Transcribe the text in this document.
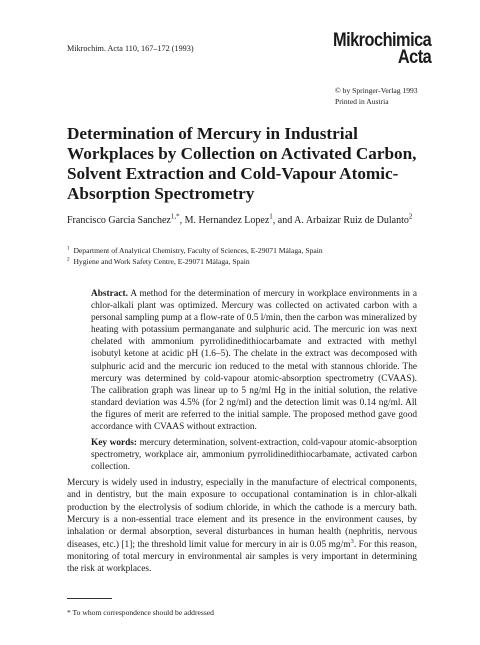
Mikrochim. Acta 110, 167–172 (1993)	Mikrochimica
Acta
© by Springer-Verlag 1993
Printed in Austria
Determination of Mercury in Industrial Workplaces by Collection on Activated Carbon, Solvent Extraction and Cold-Vapour Atomic-Absorption Spectrometry
Francisco Garcia Sanchez$^{1,*}$, M. Hernandez Lopez$^1$, and A. Arbaizar Ruiz de Dulanto$^2$
$^1$ Department of Analytical Chemistry, Faculty of Sciences, E-29071 Málaga, Spain
$^2$ Hygiene and Work Safety Centre, E-29071 Málaga, Spain
Abstract. A method for the determination of mercury in workplace environments in a chlor-alkali plant was optimized. Mercury was collected on activated carbon with a personal sampling pump at a flow-rate of 0.5 l/min, then the carbon was mineralized by heating with potassium permanganate and sulphuric acid. The mercuric ion was next chelated with ammonium pyrrolidinedithiocarbamate and extracted with methyl isobutyl ketone at acidic pH (1.6–5). The chelate in the extract was decomposed with sulphuric acid and the mercuric ion reduced to the metal with stannous chloride. The mercury was determined by cold-vapour atomic-absorption spectrometry (CVAAS). The calibration graph was linear up to 5 ng/ml Hg in the initial solution, the relative standard deviation was 4.5% (for 2 ng/ml) and the detection limit was 0.14 ng/ml. All the figures of merit are referred to the initial sample. The proposed method gave good accordance with CVAAS without extraction.
Key words: mercury determination, solvent-extraction, cold-vapour atomic-absorption spectrometry, workplace air, ammonium pyrrolidinedithiocarbamate, activated carbon collection.
Mercury is widely used in industry, especially in the manufacture of electrical components, and in dentistry, but the main exposure to occupational contamination is in chlor-alkali production by the electrolysis of sodium chloride, in which the cathode is a mercury bath. Mercury is a non-essential trace element and its presence in the environment causes, by inhalation or dermal absorption, several disturbances in human health (nephritis, nervous diseases, etc.) [1]; the threshold limit value for mercury in air is 0.05 $mg/m^3$. For this reason, monitoring of total mercury in environmental air samples is very important in determining the risk at workplaces.
* To whom correspondence should be addressed
